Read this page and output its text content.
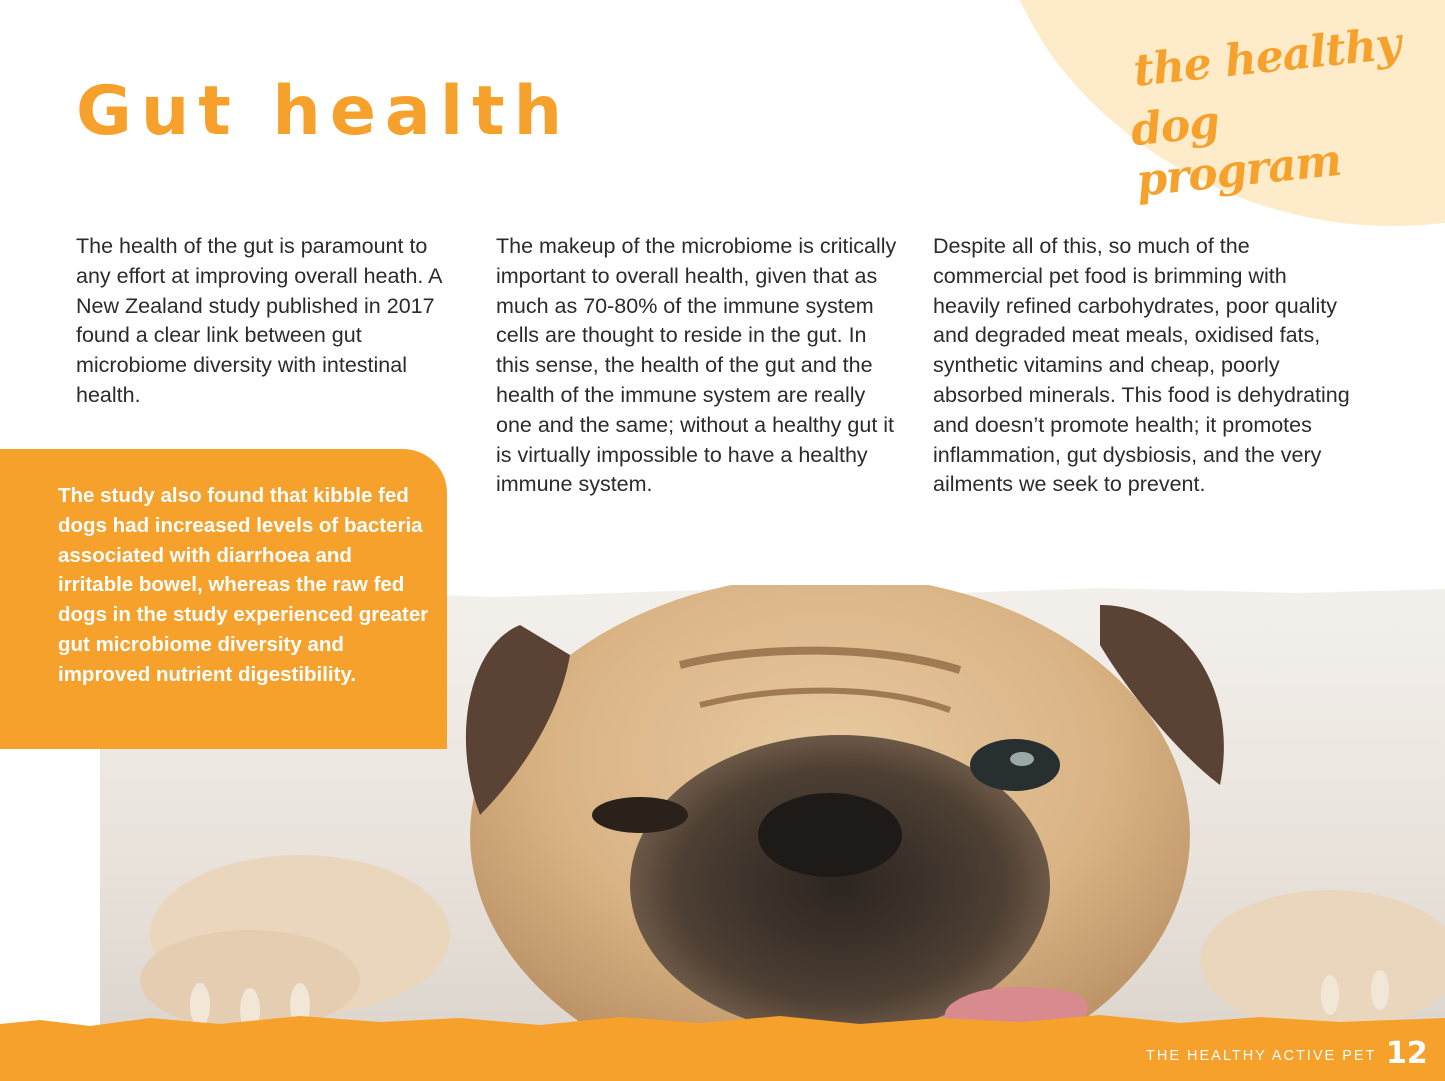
the healthy
dog program
Gut health

The health of the gut is paramount to any effort at improving overall heath. A New Zealand study published in 2017 found a clear link between gut microbiome diversity with intestinal health.

The makeup of the microbiome is critically important to overall health, given that as much as 70-80% of the immune system cells are thought to reside in the gut. In this sense, the health of the gut and the health of the immune system are really one and the same; without a healthy gut it is virtually impossible to have a healthy immune system.

Despite all of this, so much of the commercial pet food is brimming with heavily refined carbohydrates, poor quality and degraded meat meals, oxidised fats, synthetic vitamins and cheap, poorly absorbed minerals. This food is dehydrating and doesn’t promote health; it promotes inflammation, gut dysbiosis, and the very ailments we seek to prevent.

The study also found that kibble fed dogs had increased levels of bacteria associated with diarrhoea and irritable bowel, whereas the raw fed dogs in the study experienced greater gut microbiome diversity and improved nutrient digestibility.

THE HEALTHY ACTIVE PET 12
